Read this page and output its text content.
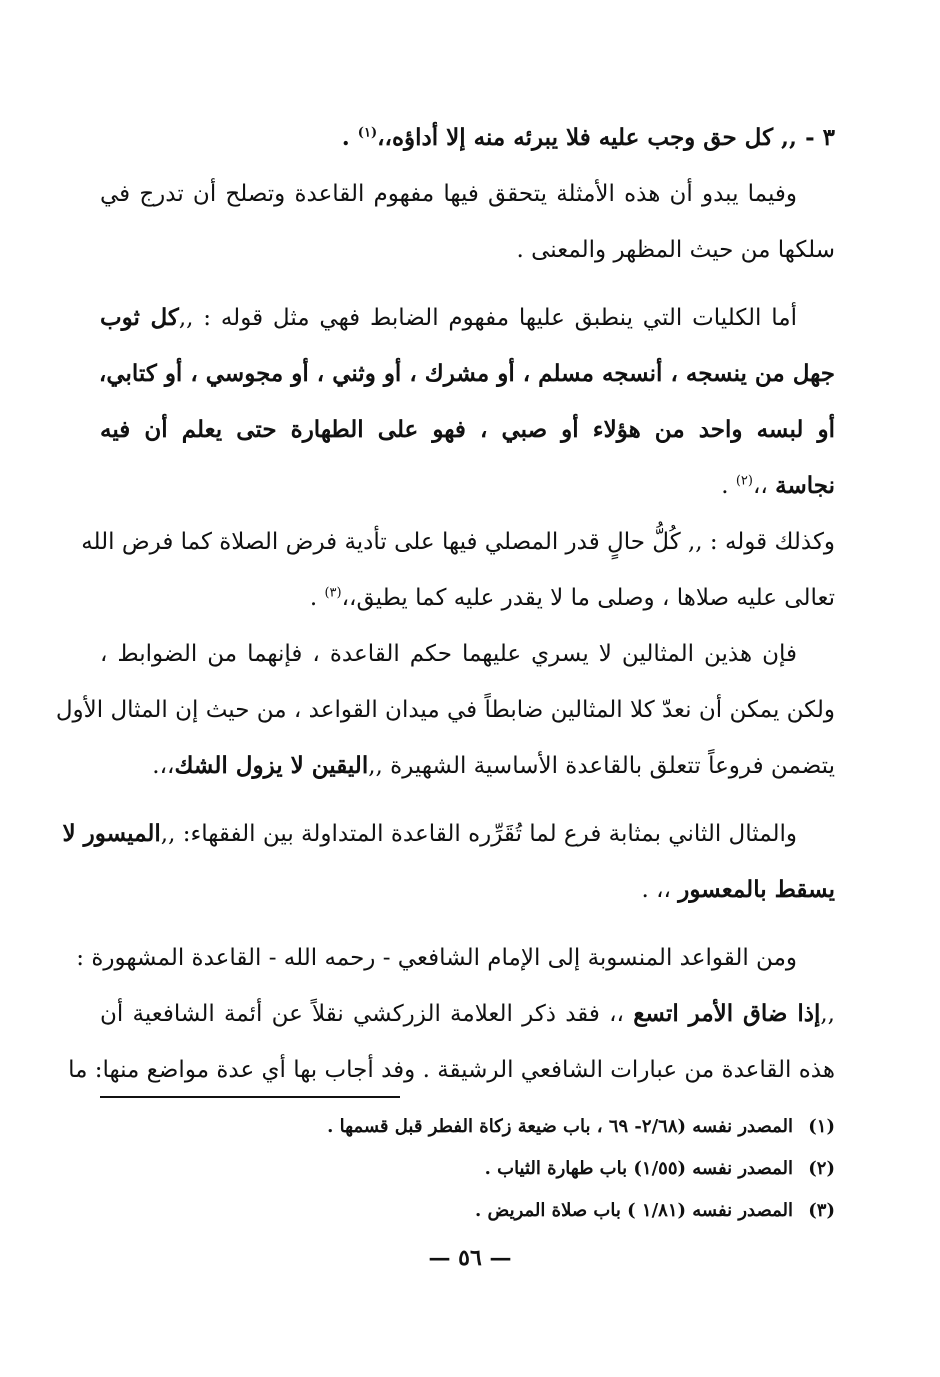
٣ - ,, كل حق وجب عليه فلا يبرئه منه إلا أداؤه،،$^{(١)}$ .
وفيما يبدو أن هذه الأمثلة يتحقق فيها مفهوم القاعدة وتصلح أن تدرج في
سلكها من حيث المظهر والمعنى .
أما الكليات التي ينطبق عليها مفهوم الضابط فهي مثل قوله : ,,كل ثوب
جهل من ينسجه ، أنسجه مسلم ، أو مشرك ، أو وثني ، أو مجوسي ، أو كتابي،
أو لبسه واحد من هؤلاء أو صبي ، فهو على الطهارة حتى يعلم أن فيه
نجاسة ،،$^{(٢)}$ .
وكذلك قوله : ,, كُلُّ حالٍ قدر المصلي فيها على تأدية فرض الصلاة كما فرض الله
تعالى عليه صلاها ، وصلى ما لا يقدر عليه كما يطيق،،$^{(٣)}$ .
فإن هذين المثالين لا يسري عليهما حكم القاعدة ، فإنهما من الضوابط ،
ولكن يمكن أن نعدّ كلا المثالين ضابطاً في ميدان القواعد ، من حيث إن المثال الأول
يتضمن فروعاً تتعلق بالقاعدة الأساسية الشهيرة ,,اليقين لا يزول الشك،،.
والمثال الثاني بمثابة فرع لما تُقَرِّره القاعدة المتداولة بين الفقهاء: ,,الميسور لا
يسقط بالمعسور ،، .
ومن القواعد المنسوبة إلى الإمام الشافعي - رحمه الله - القاعدة المشهورة :
,,إذا ضاق الأمر اتسع ،، فقد ذكر العلامة الزركشي نقلاً عن أئمة الشافعية أن
هذه القاعدة من عبارات الشافعي الرشيقة . وفد أجاب بها أي عدة مواضع منها: ما
(١)المصدر نفسه (٢/٦٨- ٦٩ ، باب ضيعة زكاة الفطر قبل قسمها .
(٢)المصدر نفسه (١/٥٥) باب طهارة الثياب .
(٣)المصدر نفسه (١/٨١ ) باب صلاة المريض .
— ٥٦ —
